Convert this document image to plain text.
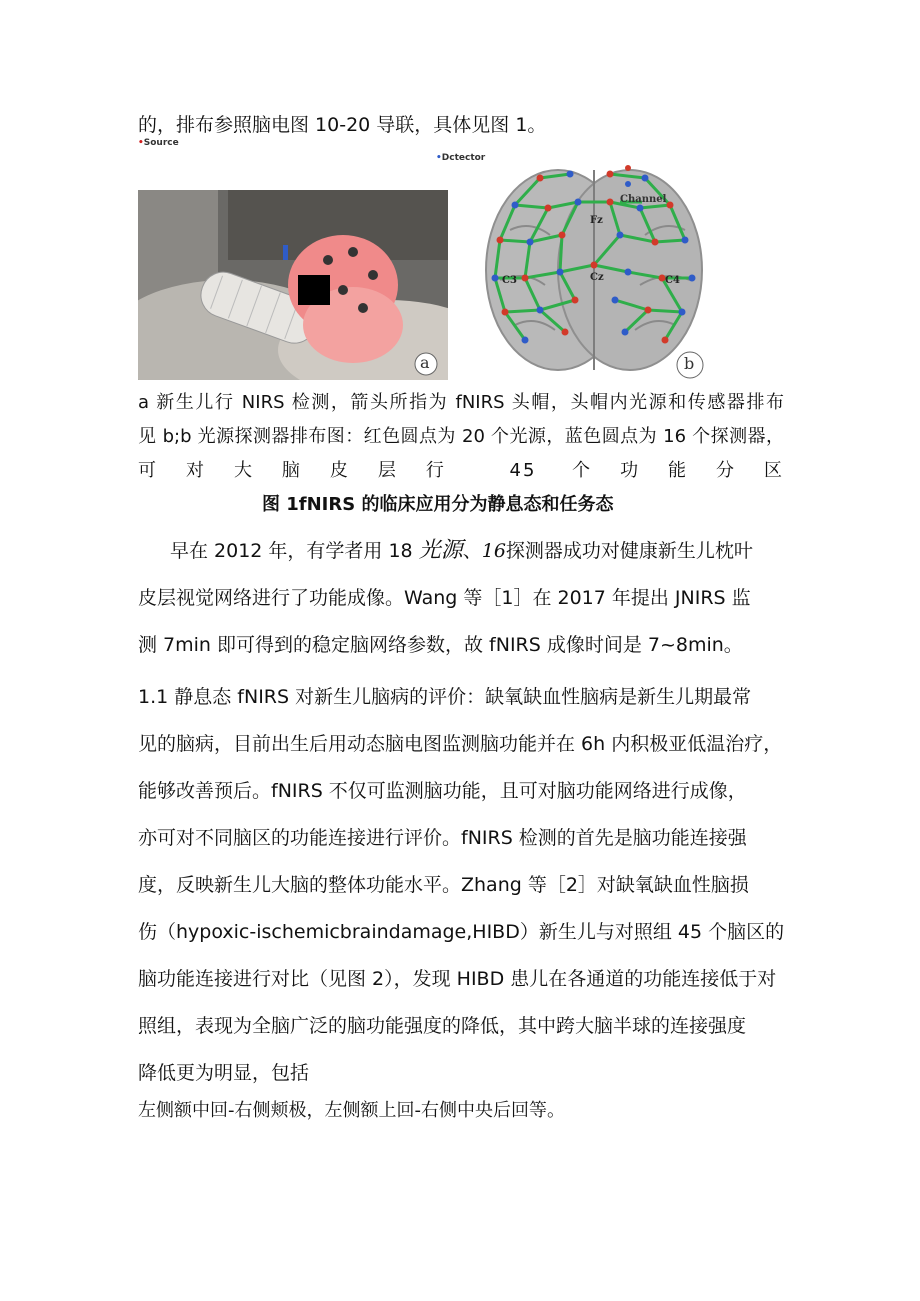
的，排布参照脑电图 10-20 导联，具体见图 1。
•Source
•Dctector
a
Channel
Fz
Cz
C3	C4
b
a 新生儿行 NIRS 检测，箭头所指为 fNIRS 头帽，头帽内光源和传感器排布
见 b;b 光源探测器排布图：红色圆点为 20 个光源，蓝色圆点为 16 个探测器，
可对大脑皮层行 45 个功能分区
图 1fNIRS 的临床应用分为静息态和任务态
早在 2012 年，有学者用 18 光源、16探测器成功对健康新生儿枕叶
皮层视觉网络进行了功能成像。Wang 等［1］在 2017 年提出 JNIRS 监
测 7min 即可得到的稳定脑网络参数，故 fNIRS 成像时间是 7~8min。
1.1 静息态 fNIRS 对新生儿脑病的评价：缺氧缺血性脑病是新生儿期最常
见的脑病，目前出生后用动态脑电图监测脑功能并在 6h 内积极亚低温治疗，
能够改善预后。fNIRS 不仅可监测脑功能，且可对脑功能网络进行成像，
亦可对不同脑区的功能连接进行评价。fNIRS 检测的首先是脑功能连接强
度，反映新生儿大脑的整体功能水平。Zhang 等［2］对缺氧缺血性脑损
伤（hypoxic-ischemicbraindamage,HIBD）新生儿与对照组 45 个脑区的
脑功能连接进行对比（见图 2），发现 HIBD 患儿在各通道的功能连接低于对
照组，表现为全脑广泛的脑功能强度的降低，其中跨大脑半球的连接强度
降低更为明显，包括
左侧额中回-右侧颊极，左侧额上回-右侧中央后回等。
